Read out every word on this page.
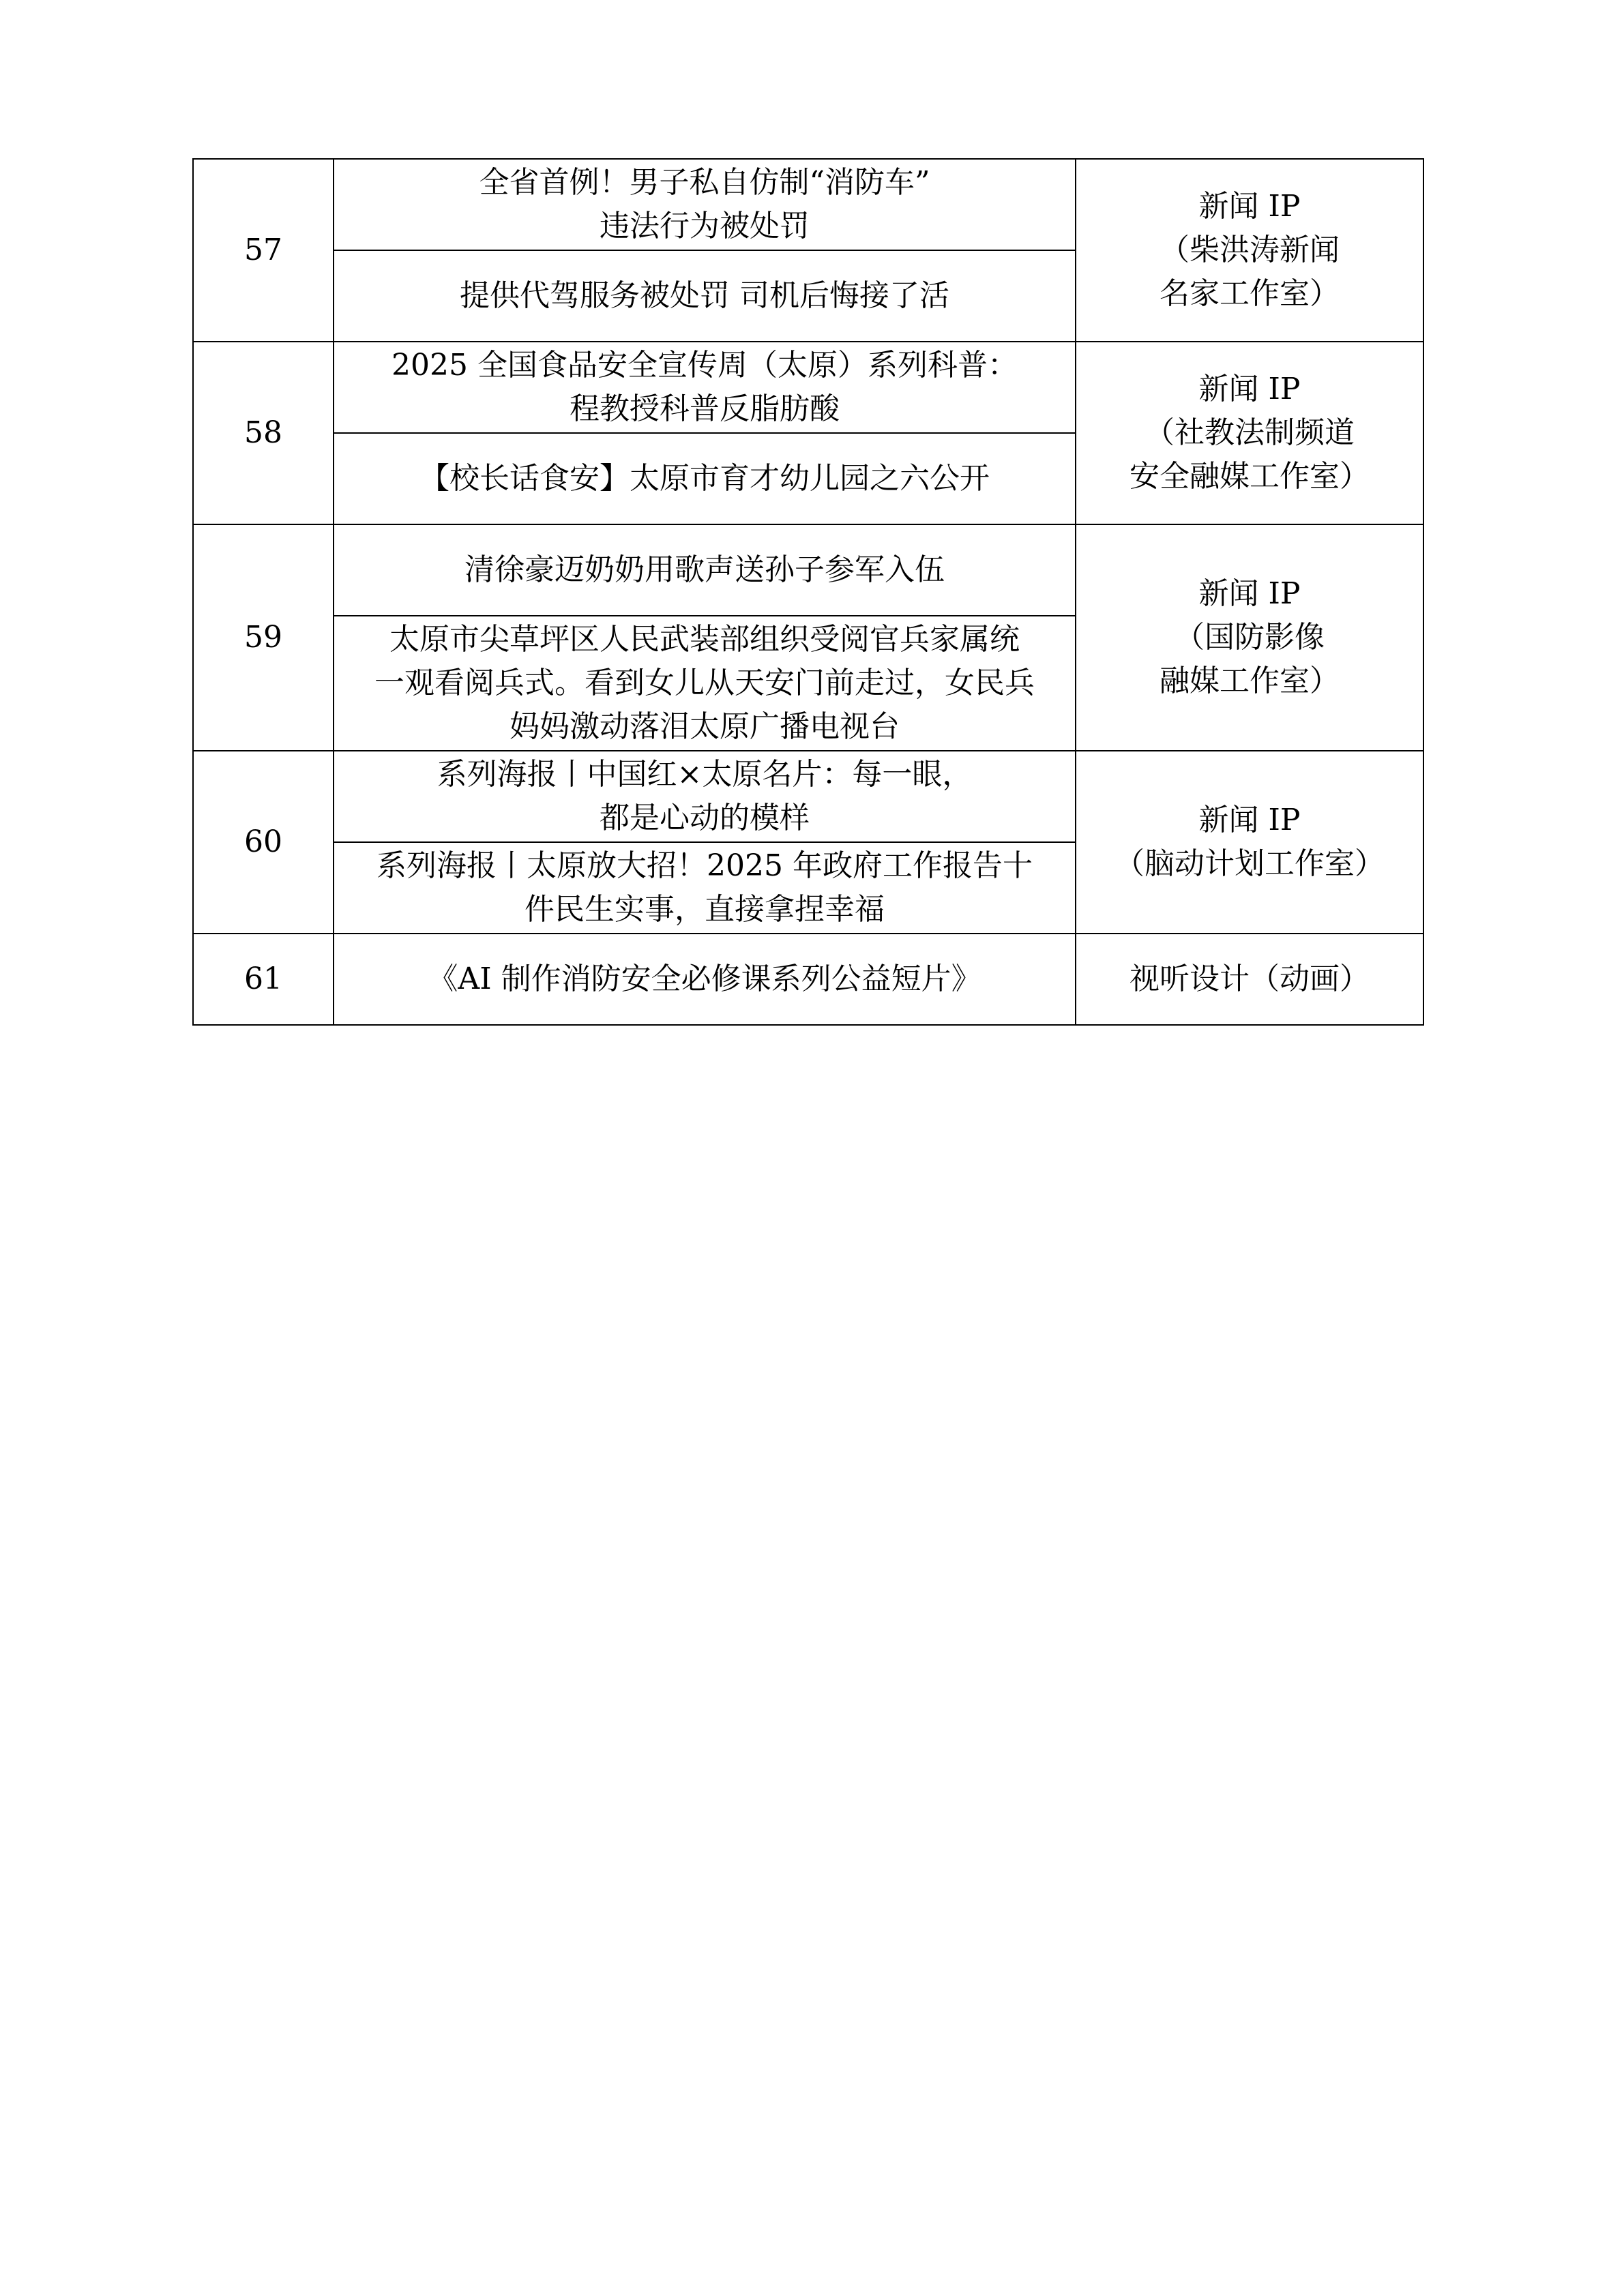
57	全省首例！男子私自仿制“消防车”
违法行为被处罚	新闻 IP
（柴洪涛新闻
名家工作室）

	提供代驾服务被处罚 司机后悔接了活	

58	2025 全国食品安全宣传周（太原）系列科普：
程教授科普反脂肪酸	新闻 IP
（社教法制频道
安全融媒工作室）

	【校长话食安】太原市育才幼儿园之六公开	

59	清徐豪迈奶奶用歌声送孙子参军入伍	新闻 IP
（国防影像
融媒工作室）

	太原市尖草坪区人民武装部组织受阅官兵家属统
一观看阅兵式。看到女儿从天安门前走过，女民兵
妈妈激动落泪太原广播电视台	

60	系列海报丨中国红×太原名片：每一眼，
都是心动的模样	新闻 IP
（脑动计划工作室）

	系列海报丨太原放大招！2025 年政府工作报告十
件民生实事，直接拿捏幸福	

61	《AI 制作消防安全必修课系列公益短片》	视听设计（动画）
